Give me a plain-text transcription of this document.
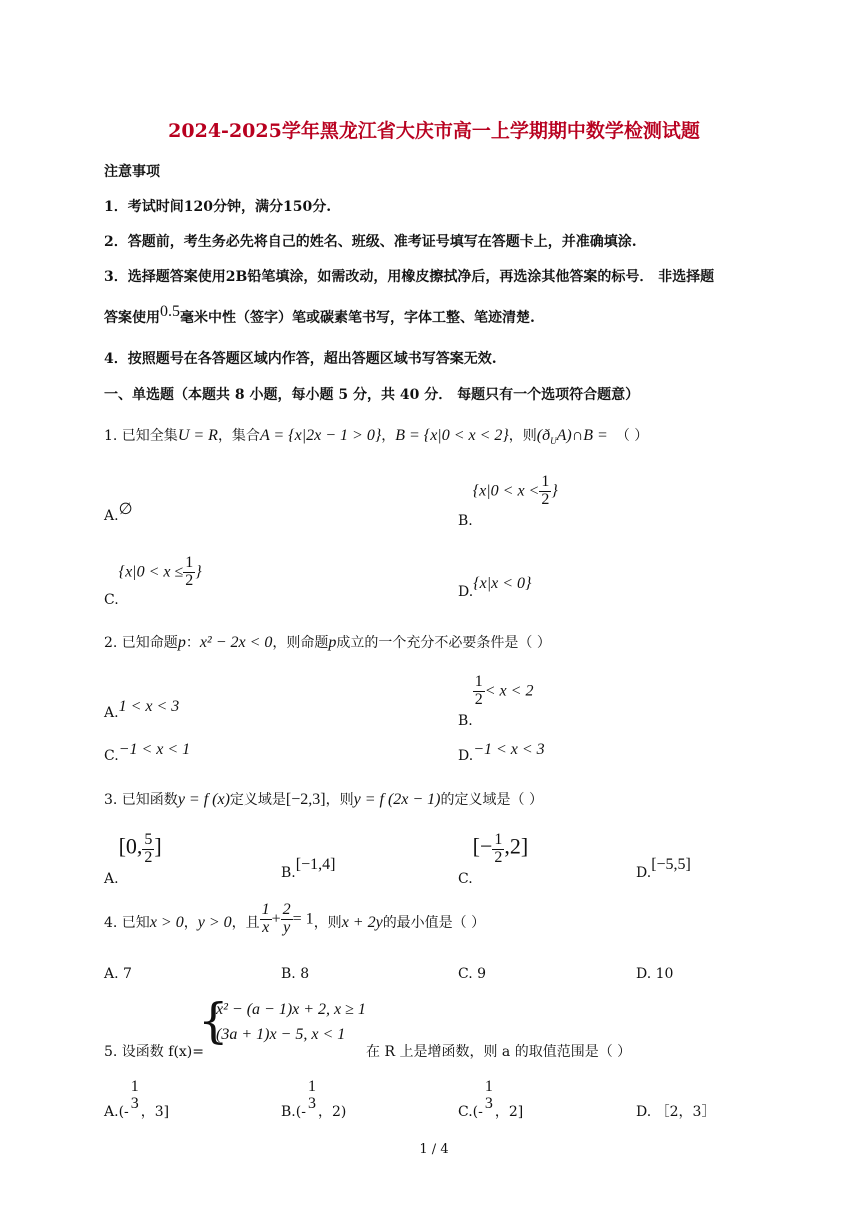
2024-2025学年黑龙江省大庆市高一上学期期中数学检测试题
注意事项
1．考试时间120分钟，满分150分.
2．答题前，考生务必先将自己的姓名、班级、准考证号填写在答题卡上，并准确填涂.
3．选择题答案使用2B铅笔填涂，如需改动，用橡皮擦拭净后，再选涂其他答案的标号． 非选择题
答案使用0.5毫米中性（签字）笔或碳素笔书写，字体工整、笔迹清楚.
4．按照题号在各答题区域内作答，超出答题区域书写答案无效.
一、单选题（本题共 8 小题，每小题 5 分，共 40 分． 每题只有一个选项符合题意）
1. 已知全集U = R，集合A = {x|2x − 1 > 0}，B = {x|0 < x < 2}，则$(ð_UA)\cap B$ = （ ）
A.∅
$B.\{x|0 < x < \frac{1}{2}$ }
$C.\{x|0 < x \le \frac{1}{2}$ }
D.{x|x < 0}
2. 已知命题p：x² − 2x < 0，则命题p成立的一个充分不必要条件是（ ）
A.1 < x < 3
B.
$\frac{1}{2} < x < 2$
C.−1 < x < 1	D.−1 < x < 3
3. 已知函数y = f (x)定义域是[−2,3]，则y = f (2x − 1)的定义域是（ ）
A.[0, $\frac{5}{2}$ ]
B.[−1,4]
$C.[- \frac{1}{2} ,2]$
D.[−5,5]
4. 已知x > 0，y > 0，且 $\frac{1}{x} + \frac{2}{y} = 1$，则x + 2y的最小值是（ ）
A. 7	B. 8	C. 9	D. 10
5. 设函数 f(x)=
{
x² − (a − 1)x + 2, x ≥ 1
(3a + 1)x − 5, x < 1
在 R 上是增函数，则 a 的取值范围是（ ）
A.(-
1
3 ，3]	B.(-
1
3 ，2)	C.(-
1
3 ，2]	D. ［2，3］
1 / 4
